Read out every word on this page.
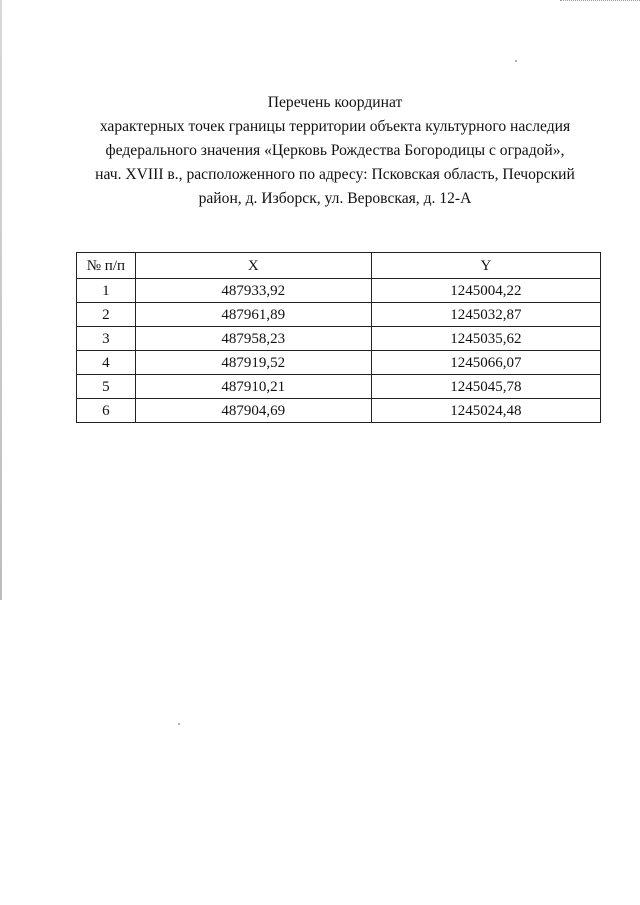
Перечень координат
характерных точек границы территории объекта культурного наследия
федерального значения «Церковь Рождества Богородицы с оградой»,
нач. XVIII в., расположенного по адресу: Псковская область, Печорский
район, д. Изборск, ул. Веровская, д. 12-А
№ п/п	X	Y
1	487933,92	1245004,22
2	487961,89	1245032,87
3	487958,23	1245035,62
4	487919,52	1245066,07
5	487910,21	1245045,78
6	487904,69	1245024,48
